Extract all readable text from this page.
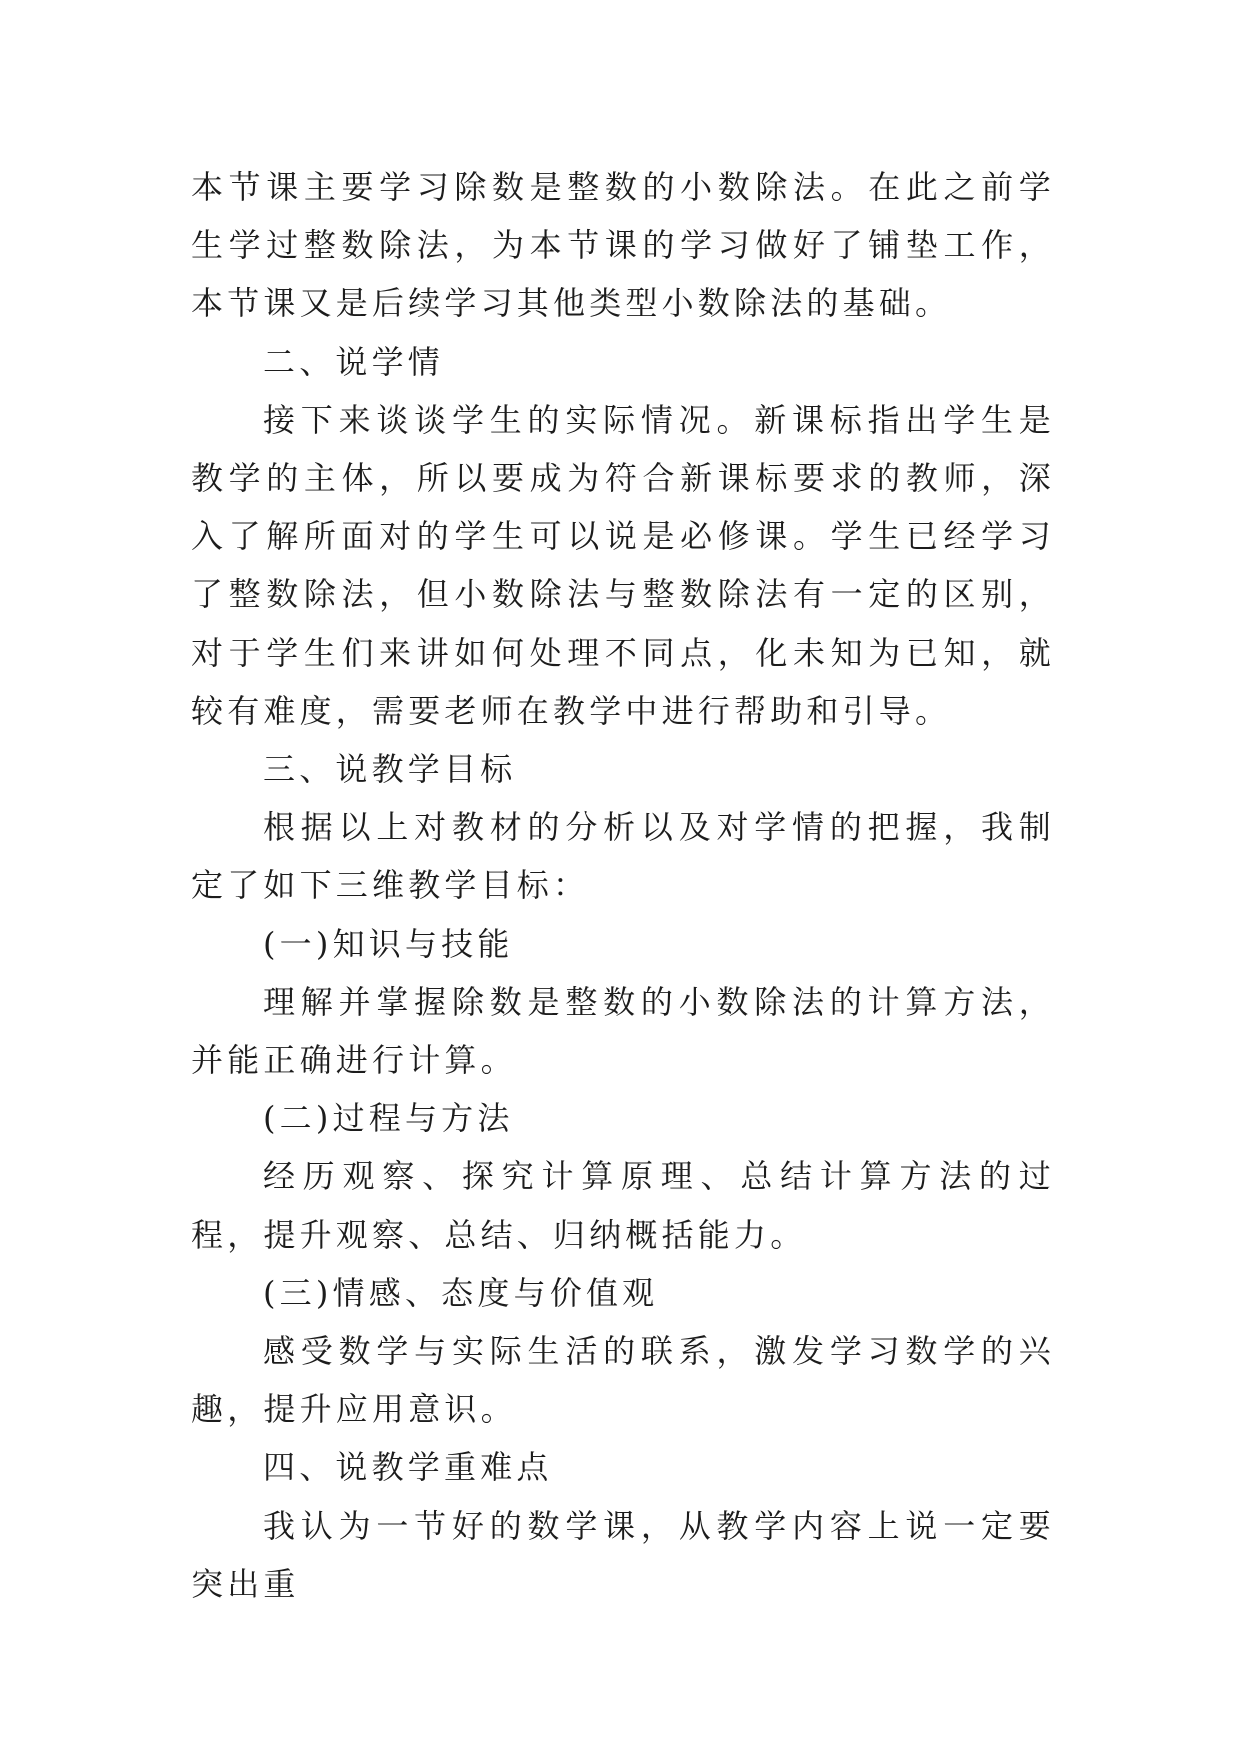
本节课主要学习除数是整数的小数除法。在此之前学生学过整数除法，为本节课的学习做好了铺垫工作，本节课又是后续学习其他类型小数除法的基础。

二、说学情

接下来谈谈学生的实际情况。新课标指出学生是教学的主体，所以要成为符合新课标要求的教师，深入了解所面对的学生可以说是必修课。学生已经学习了整数除法，但小数除法与整数除法有一定的区别，对于学生们来讲如何处理不同点，化未知为已知，就较有难度，需要老师在教学中进行帮助和引导。

三、说教学目标

根据以上对教材的分析以及对学情的把握，我制定了如下三维教学目标：

(一)知识与技能

理解并掌握除数是整数的小数除法的计算方法，并能正确进行计算。

(二)过程与方法

经历观察、探究计算原理、总结计算方法的过程，提升观察、总结、归纳概括能力。

(三)情感、态度与价值观

感受数学与实际生活的联系，激发学习数学的兴趣，提升应用意识。

四、说教学重难点

我认为一节好的数学课，从教学内容上说一定要突出重
